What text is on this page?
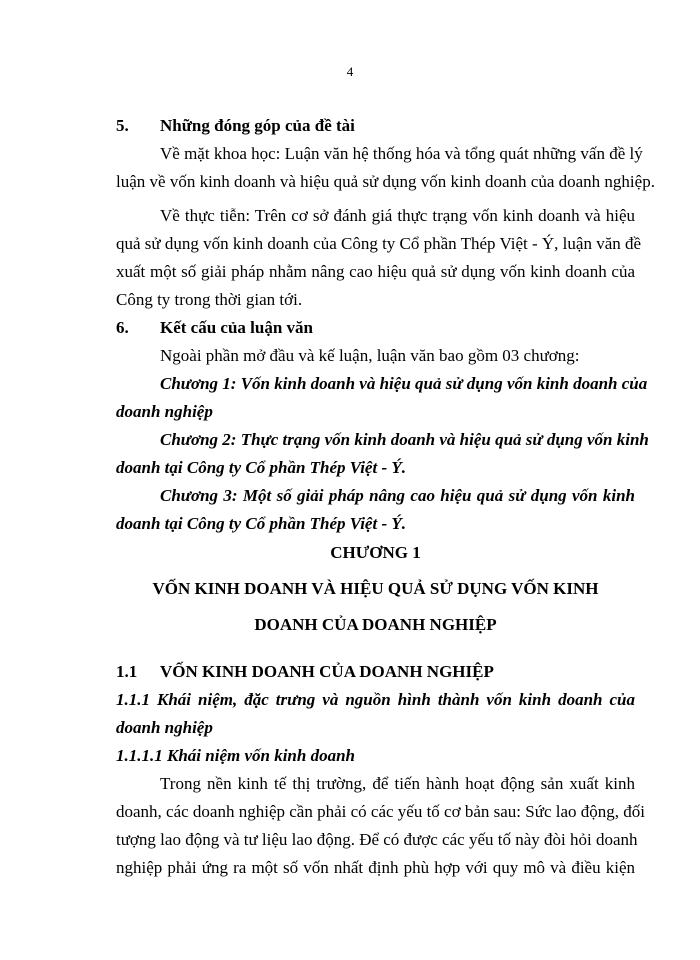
4
5. Những đóng góp của đề tài
Về mặt khoa học: Luận văn hệ thống hóa và tổng quát những vấn đề lý
luận về vốn kinh doanh và hiệu quả sử dụng vốn kinh doanh của doanh nghiệp.
Về thực tiễn: Trên cơ sở đánh giá thực trạng vốn kinh doanh và hiệu
quả sử dụng vốn kinh doanh của Công ty Cổ phần Thép Việt - Ý, luận văn đề
xuất một số giải pháp nhằm nâng cao hiệu quả sử dụng vốn kinh doanh của
Công ty trong thời gian tới.
6. Kết cấu của luận văn
Ngoài phần mở đầu và kế luận, luận văn bao gồm 03 chương:
Chương 1: Vốn kinh doanh và hiệu quả sử dụng vốn kinh doanh của
doanh nghiệp
Chương 2: Thực trạng vốn kinh doanh và hiệu quả sử dụng vốn kinh
doanh tại Công ty Cổ phần Thép Việt - Ý.
Chương 3: Một số giải pháp nâng cao hiệu quả sử dụng vốn kinh
doanh tại Công ty Cổ phần Thép Việt - Ý.
CHƯƠNG 1
VỐN KINH DOANH VÀ HIỆU QUẢ SỬ DỤNG VỐN KINH
DOANH CỦA DOANH NGHIỆP
1.1 VỐN KINH DOANH CỦA DOANH NGHIỆP
1.1.1 Khái niệm, đặc trưng và nguồn hình thành vốn kinh doanh của
doanh nghiệp
1.1.1.1 Khái niệm vốn kinh doanh
Trong nền kinh tế thị trường, để tiến hành hoạt động sản xuất kinh
doanh, các doanh nghiệp cần phải có các yếu tố cơ bản sau: Sức lao động, đối
tượng lao động và tư liệu lao động. Để có được các yếu tố này đòi hỏi doanh
nghiệp phải ứng ra một số vốn nhất định phù hợp với quy mô và điều kiện
